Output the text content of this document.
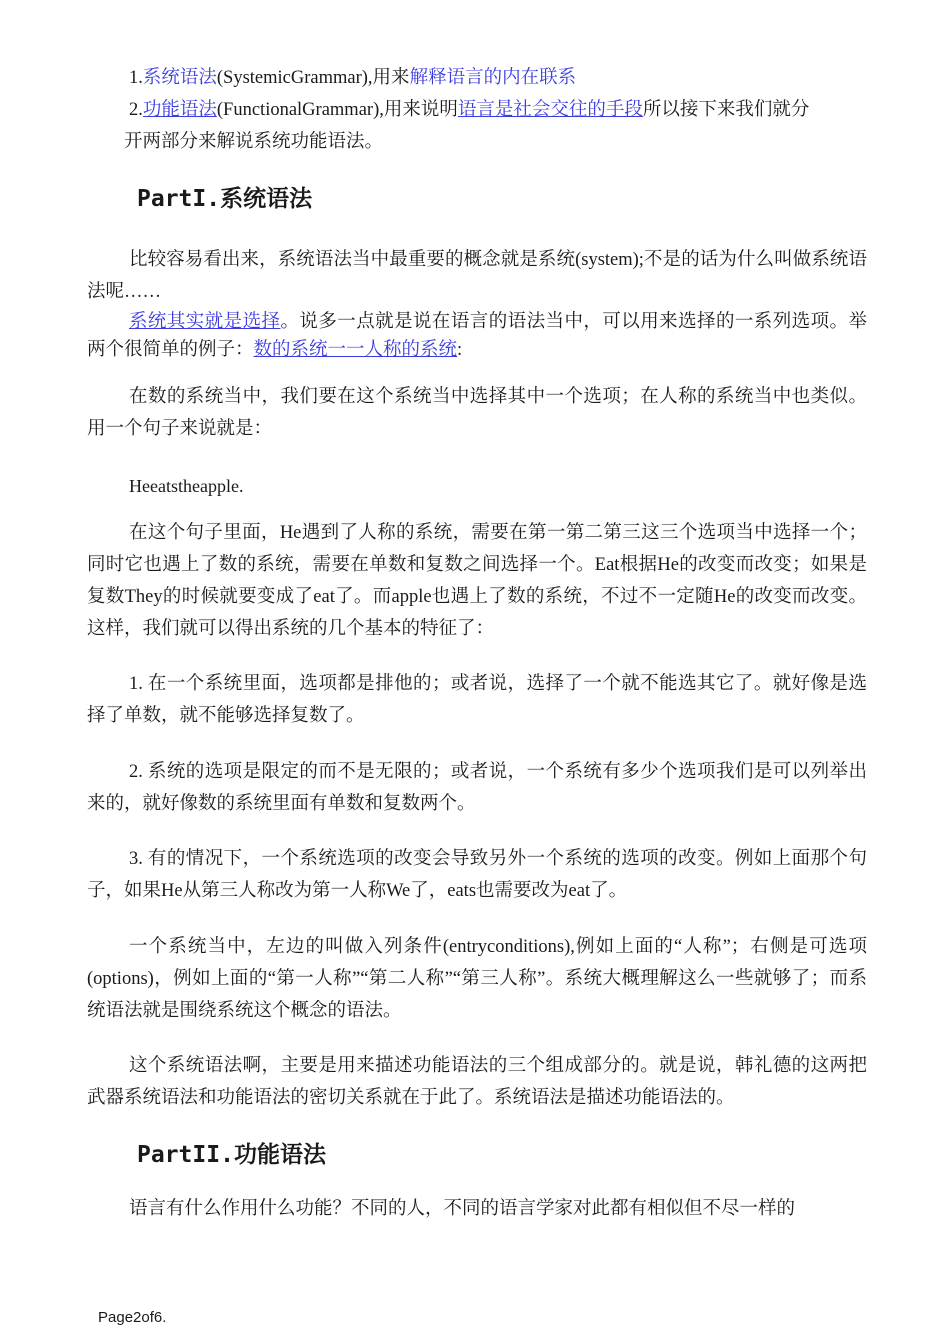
1.系统语法(SystemicGrammar),用来解释语言的内在联系

2.功能语法(FunctionalGrammar),用来说明语言是社会交往的手段所以接下来我们就分

开两部分来解说系统功能语法。

PartI.系统语法

比较容易看出来，系统语法当中最重要的概念就是系统(system);不是的话为什么叫做系统语法呢……

系统其实就是选择。说多一点就是说在语言的语法当中，可以用来选择的一系列选项。举两个很简单的例子：数的系统一一人称的系统:

在数的系统当中，我们要在这个系统当中选择其中一个选项；在人称的系统当中也类似。用一个句子来说就是：

Heeatstheapple.

在这个句子里面，He遇到了人称的系统，需要在第一第二第三这三个选项当中选择一个；同时它也遇上了数的系统，需要在单数和复数之间选择一个。Eat根据He的改变而改变；如果是复数They的时候就要变成了eat了。而apple也遇上了数的系统，不过不一定随He的改变而改变。这样，我们就可以得出系统的几个基本的特征了：

1. 在一个系统里面，选项都是排他的；或者说，选择了一个就不能选其它了。就好像是选择了单数，就不能够选择复数了。

2. 系统的选项是限定的而不是无限的；或者说，一个系统有多少个选项我们是可以列举出来的，就好像数的系统里面有单数和复数两个。

3. 有的情况下，一个系统选项的改变会导致另外一个系统的选项的改变。例如上面那个句子，如果He从第三人称改为第一人称We了，eats也需要改为eat了。

一个系统当中，左边的叫做入列条件(entryconditions),例如上面的“人称”；右侧是可选项(options)，例如上面的“第一人称”“第二人称”“第三人称”。系统大概理解这么一些就够了；而系统语法就是围绕系统这个概念的语法。

这个系统语法啊，主要是用来描述功能语法的三个组成部分的。就是说，韩礼德的这两把武器系统语法和功能语法的密切关系就在于此了。系统语法是描述功能语法的。

PartII.功能语法

语言有什么作用什么功能？不同的人，不同的语言学家对此都有相似但不尽一样的

Page2of6.
